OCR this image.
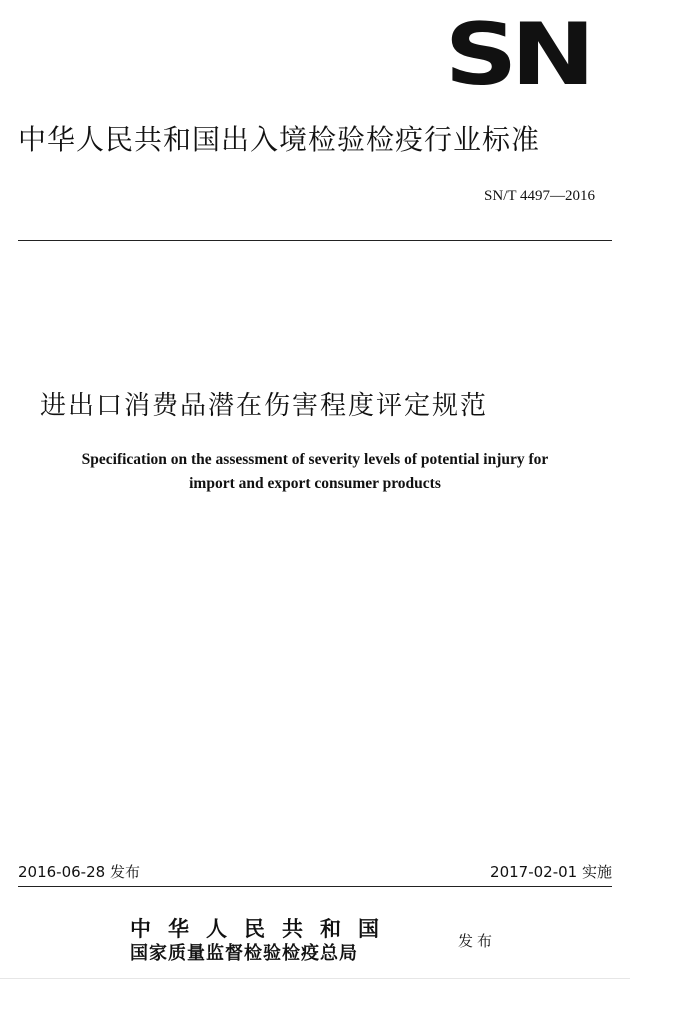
SN
中华人民共和国出入境检验检疫行业标准
SN/T 4497—2016
进出口消费品潜在伤害程度评定规范
Specification on the assessment of severity levels of potential injury for
import and export consumer products
2016-06-28 发布	2017-02-01 实施
中华人民共和国
国家质量监督检验检疫总局
发布
